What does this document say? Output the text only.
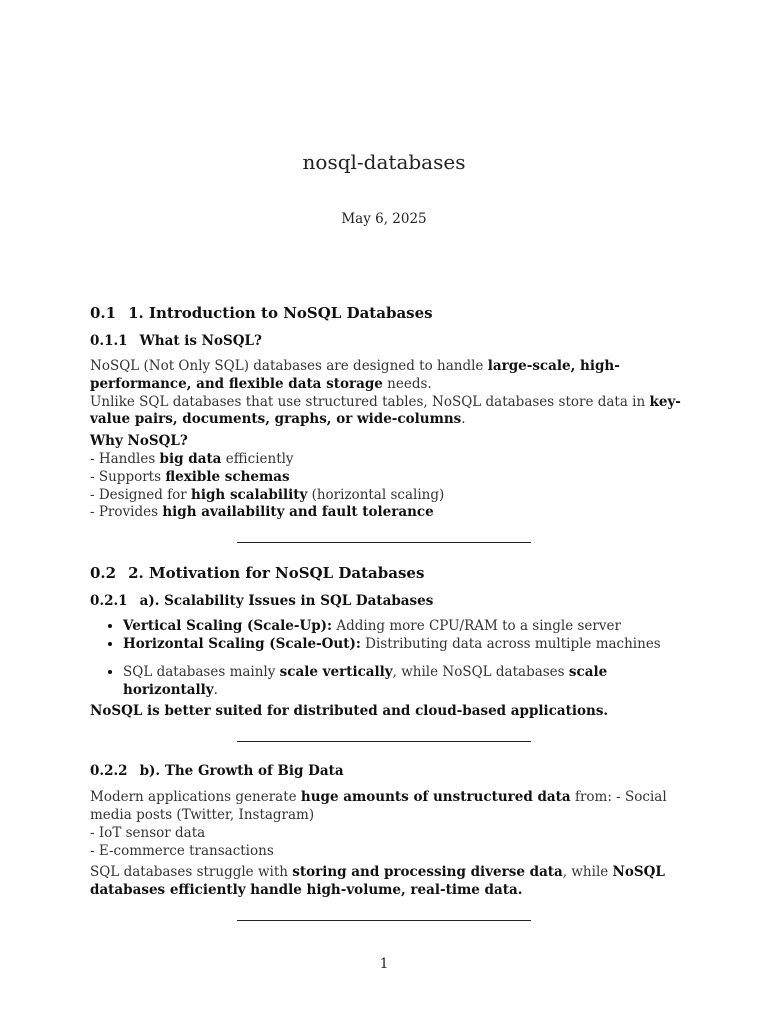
nosql-databases
May 6, 2025
0.1 1. Introduction to NoSQL Databases
0.1.1 What is NoSQL?

NoSQL (Not Only SQL) databases are designed to handle large-scale, high-performance, and flexible data storage needs.
Unlike SQL databases that use structured tables, NoSQL databases store data in key-value pairs, documents, graphs, or wide-columns.

Why NoSQL?
- Handles big data efficiently
- Supports flexible schemas
- Designed for high scalability (horizontal scaling)
- Provides high availability and fault tolerance
0.2 2. Motivation for NoSQL Databases
0.2.1 a). Scalability Issues in SQL Databases
• Vertical Scaling (Scale-Up): Adding more CPU/RAM to a single server
• Horizontal Scaling (Scale-Out): Distributing data across multiple machines
• SQL databases mainly scale vertically, while NoSQL databases scale horizontally.

NoSQL is better suited for distributed and cloud-based applications.

0.2.2 b). The Growth of Big Data

Modern applications generate huge amounts of unstructured data from: - Social media posts (Twitter, Instagram)

- IoT sensor data
- E-commerce transactions

SQL databases struggle with storing and processing diverse data, while NoSQL databases efficiently handle high-volume, real-time data.

1
